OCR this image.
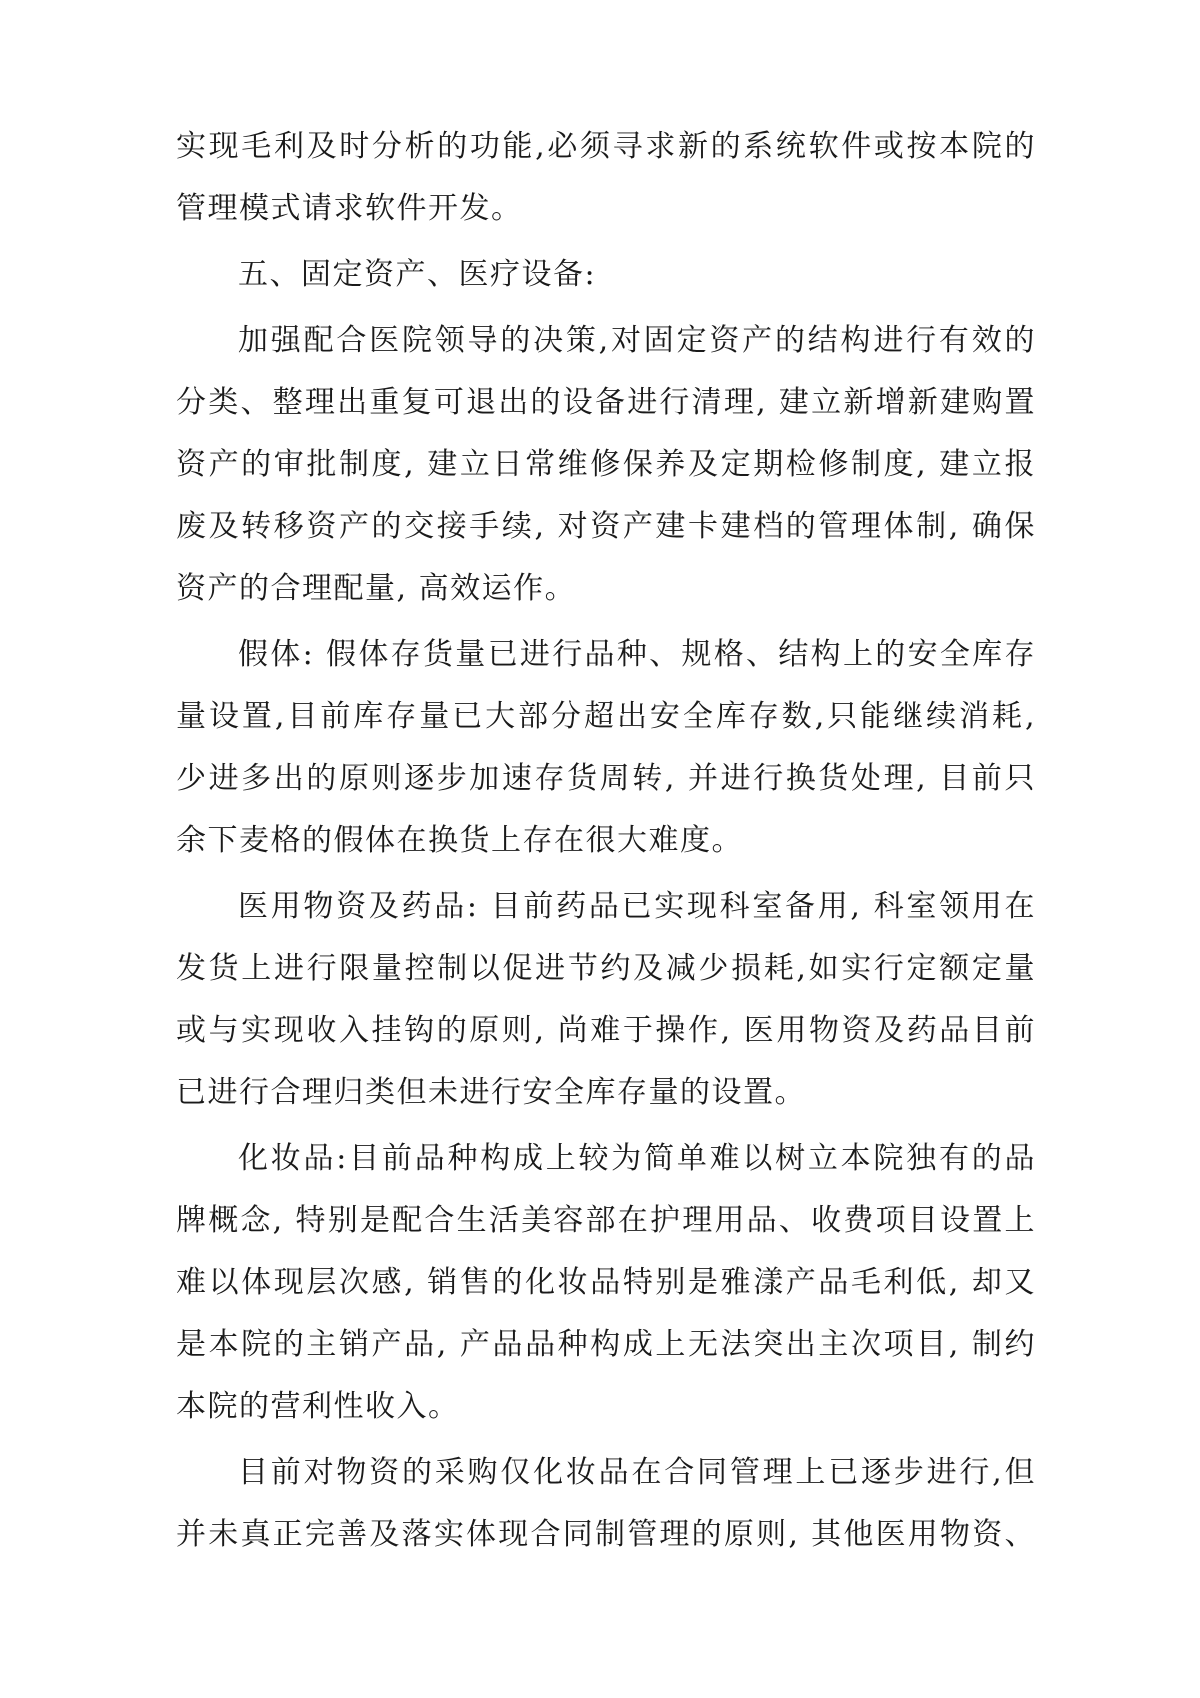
实现毛利及时分析的功能,必须寻求新的系统软件或按本院的
管理模式请求软件开发。
五、固定资产、医疗设备:
加强配合医院领导的决策,对固定资产的结构进行有效的
分类、整理出重复可退出的设备进行清理, 建立新增新建购置
资产的审批制度, 建立日常维修保养及定期检修制度, 建立报
废及转移资产的交接手续, 对资产建卡建档的管理体制, 确保
资产的合理配量, 高效运作。
假体: 假体存货量已进行品种、规格、结构上的安全库存
量设置,目前库存量已大部分超出安全库存数,只能继续消耗,
少进多出的原则逐步加速存货周转, 并进行换货处理, 目前只
余下麦格的假体在换货上存在很大难度。
医用物资及药品: 目前药品已实现科室备用, 科室领用在
发货上进行限量控制以促进节约及减少损耗,如实行定额定量
或与实现收入挂钩的原则, 尚难于操作, 医用物资及药品目前
已进行合理归类但未进行安全库存量的设置。
化妆品:目前品种构成上较为简单难以树立本院独有的品
牌概念, 特别是配合生活美容部在护理用品、收费项目设置上
难以体现层次感, 销售的化妆品特别是雅漾产品毛利低, 却又
是本院的主销产品, 产品品种构成上无法突出主次项目, 制约
本院的营利性收入。
目前对物资的采购仅化妆品在合同管理上已逐步进行,但
并未真正完善及落实体现合同制管理的原则, 其他医用物资、
